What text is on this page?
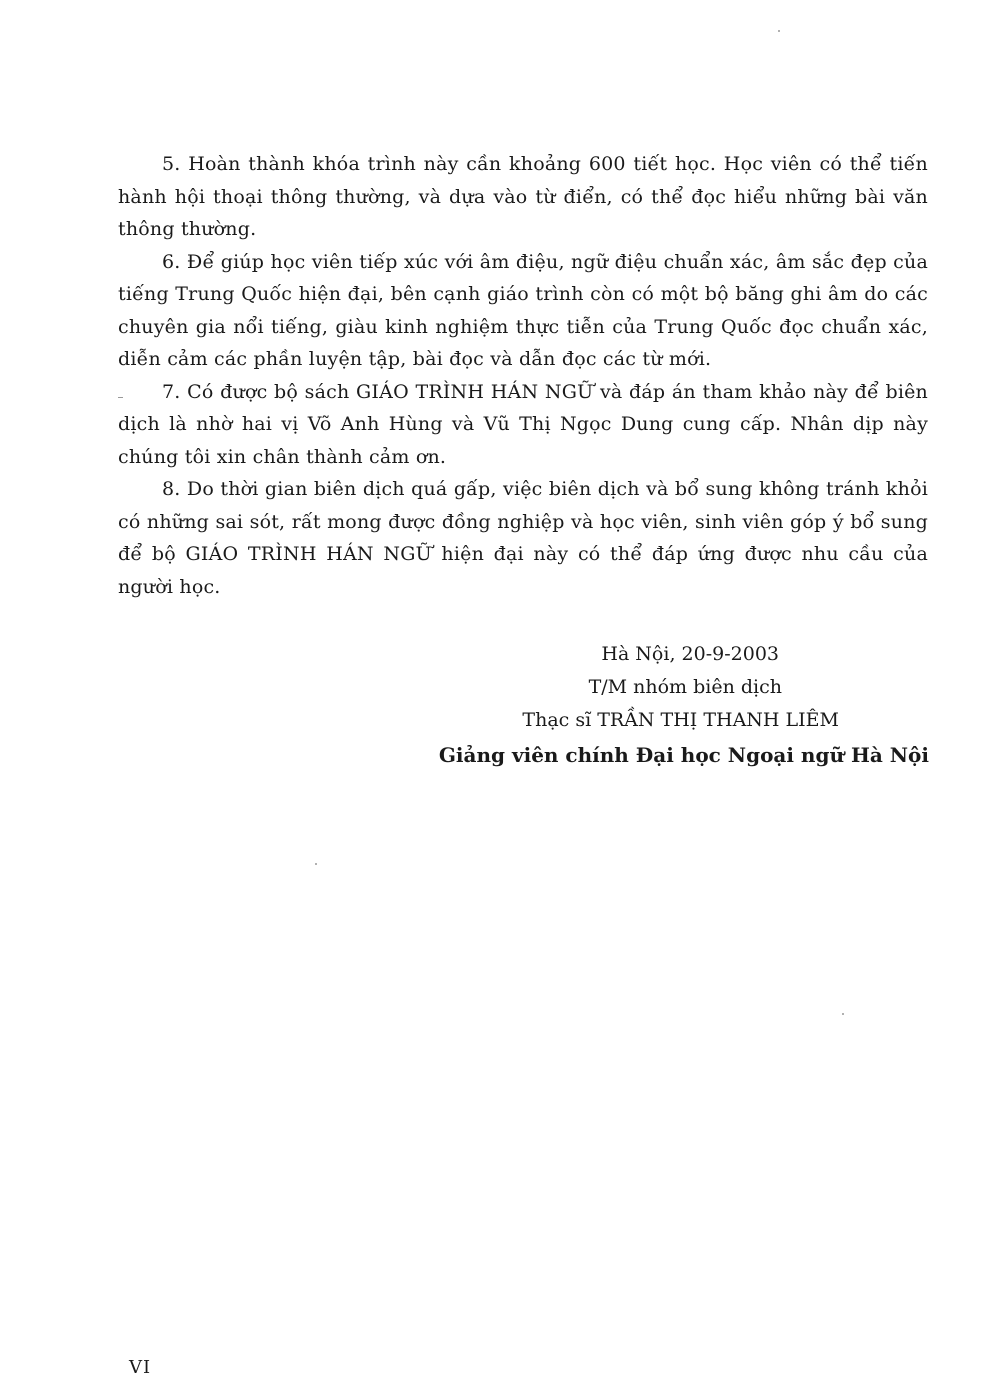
5. Hoàn thành khóa trình này cần khoảng 600 tiết học. Học viên có thể tiến hành hội thoại thông thường, và dựa vào từ điển, có thể đọc hiểu những bài văn thông thường.

6. Để giúp học viên tiếp xúc với âm điệu, ngữ điệu chuẩn xác, âm sắc đẹp của tiếng Trung Quốc hiện đại, bên cạnh giáo trình còn có một bộ băng ghi âm do các chuyên gia nổi tiếng, giàu kinh nghiệm thực tiễn của Trung Quốc đọc chuẩn xác, diễn cảm các phần luyện tập, bài đọc và dẫn đọc các từ mới.

7. Có được bộ sách GIÁO TRÌNH HÁN NGỮ và đáp án tham khảo này để biên dịch là nhờ hai vị Võ Anh Hùng và Vũ Thị Ngọc Dung cung cấp. Nhân dịp này chúng tôi xin chân thành cảm ơn.

8. Do thời gian biên dịch quá gấp, việc biên dịch và bổ sung không tránh khỏi có những sai sót, rất mong được đồng nghiệp và học viên, sinh viên góp ý bổ sung để bộ GIÁO TRÌNH HÁN NGỮ hiện đại này có thể đáp ứng được nhu cầu của người học.

Hà Nội, 20-9-2003
T/M nhóm biên dịch
Thạc sĩ TRẦN THỊ THANH LIÊM
Giảng viên chính Đại học Ngoại ngữ Hà Nội
VI
